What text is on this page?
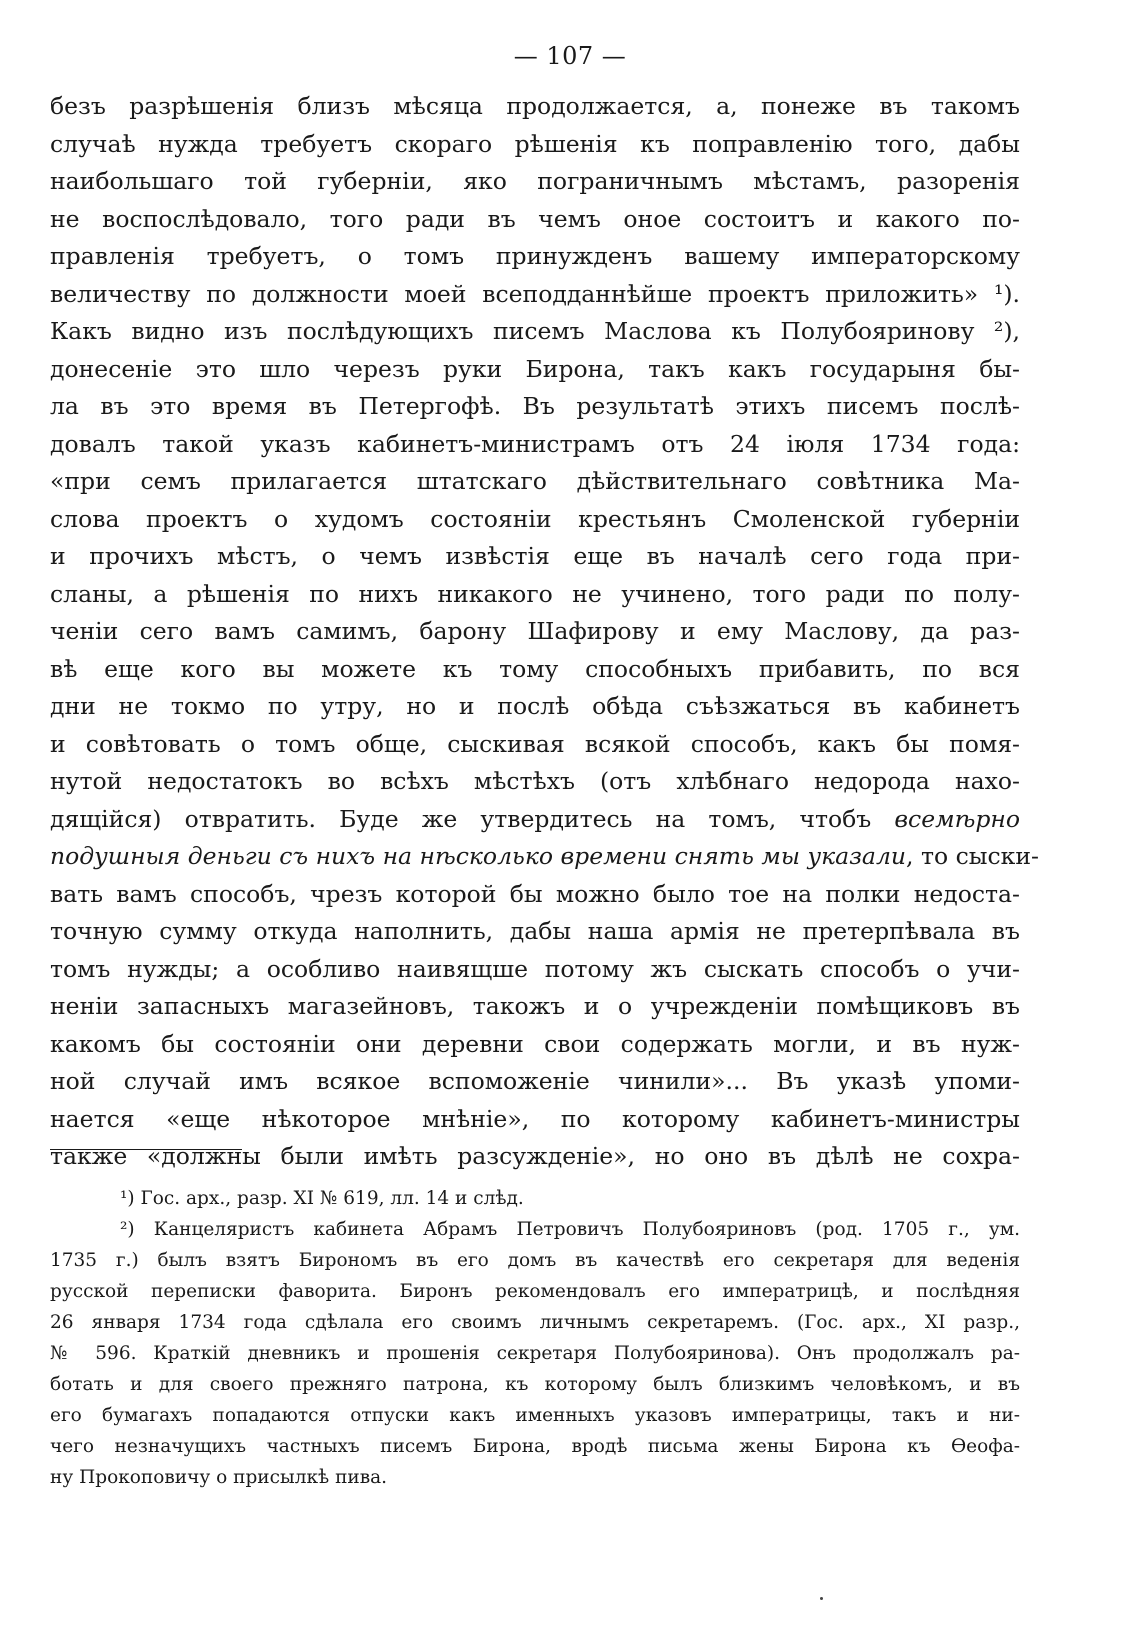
— 107 —
безъ разрѣшенія близъ мѣсяца продолжается, а, понеже въ такомъ
случаѣ нужда требуетъ скораго рѣшенія къ поправленію того, дабы
наибольшаго той губерніи, яко пограничнымъ мѣстамъ, разоренія
не воспослѣдовало, того ради въ чемъ оное состоитъ и какого по-
правленія требуетъ, о томъ принужденъ вашему императорскому
величеству по должности моей всеподданнѣйше проектъ приложить» ¹).
Какъ видно изъ послѣдующихъ писемъ Маслова къ Полубояринову ²),
донесеніе это шло черезъ руки Бирона, такъ какъ государыня бы-
ла въ это время въ Петергофѣ. Въ результатѣ этихъ писемъ послѣ-
довалъ такой указъ кабинетъ-министрамъ отъ 24 іюля 1734 года:
«при семъ прилагается штатскаго дѣйствительнаго совѣтника Ма-
слова проектъ о худомъ состояніи крестьянъ Смоленской губерніи
и прочихъ мѣстъ, о чемъ извѣстія еще въ началѣ сего года при-
сланы, а рѣшенія по нихъ никакого не учинено, того ради по полу-
ченіи сего вамъ самимъ, барону Шафирову и ему Маслову, да раз-
вѣ еще кого вы можете къ тому способныхъ прибавить, по вся
дни не токмо по утру, но и послѣ обѣда съѣзжаться въ кабинетъ
и совѣтовать о томъ обще, сыскивая всякой способъ, какъ бы помя-
нутой недостатокъ во всѣхъ мѣстѣхъ (отъ хлѣбнаго недорода нахо-
дящійся) отвратить. Буде же утвердитесь на томъ, чтобъ всемѣрно
подушныя деньги съ нихъ на нѣсколько времени снять мы указали, то сыски-
вать вамъ способъ, чрезъ которой бы можно было тое на полки недоста-
точную сумму откуда наполнить, дабы наша армія не претерпѣвала въ
томъ нужды; а особливо наивящше потому жъ сыскать способъ о учи-
неніи запасныхъ магазейновъ, такожъ и о учрежденіи помѣщиковъ въ
какомъ бы состояніи они деревни свои содержать могли, и въ нуж-
ной случай имъ всякое вспоможеніе чинили»... Въ указѣ упоми-
нается «еще нѣкоторое мнѣніе», по которому кабинетъ-министры
также «должны были имѣть разсужденіе», но оно въ дѣлѣ не сохра-
¹) Гос. арх., разр. XI № 619, лл. 14 и слѣд.
²) Канцеляристъ кабинета Абрамъ Петровичъ Полубояриновъ (род. 1705 г., ум.
1735 г.) былъ взятъ Бирономъ въ его домъ въ качествѣ его секретаря для веденія
русской переписки фаворита. Биронъ рекомендовалъ его императрицѣ, и послѣдняя
26 января 1734 года сдѣлала его своимъ личнымъ секретаремъ. (Гос. арх., XI разр.,
№ 596. Краткій дневникъ и прошенія секретаря Полубояринова). Онъ продолжалъ ра-
ботать и для своего прежняго патрона, къ которому былъ близкимъ человѣкомъ, и въ
его бумагахъ попадаются отпуски какъ именныхъ указовъ императрицы, такъ и ни-
чего незначущихъ частныхъ писемъ Бирона, вродѣ письма жены Бирона къ Ѳеофа-
ну Прокоповичу о присылкѣ пива.
